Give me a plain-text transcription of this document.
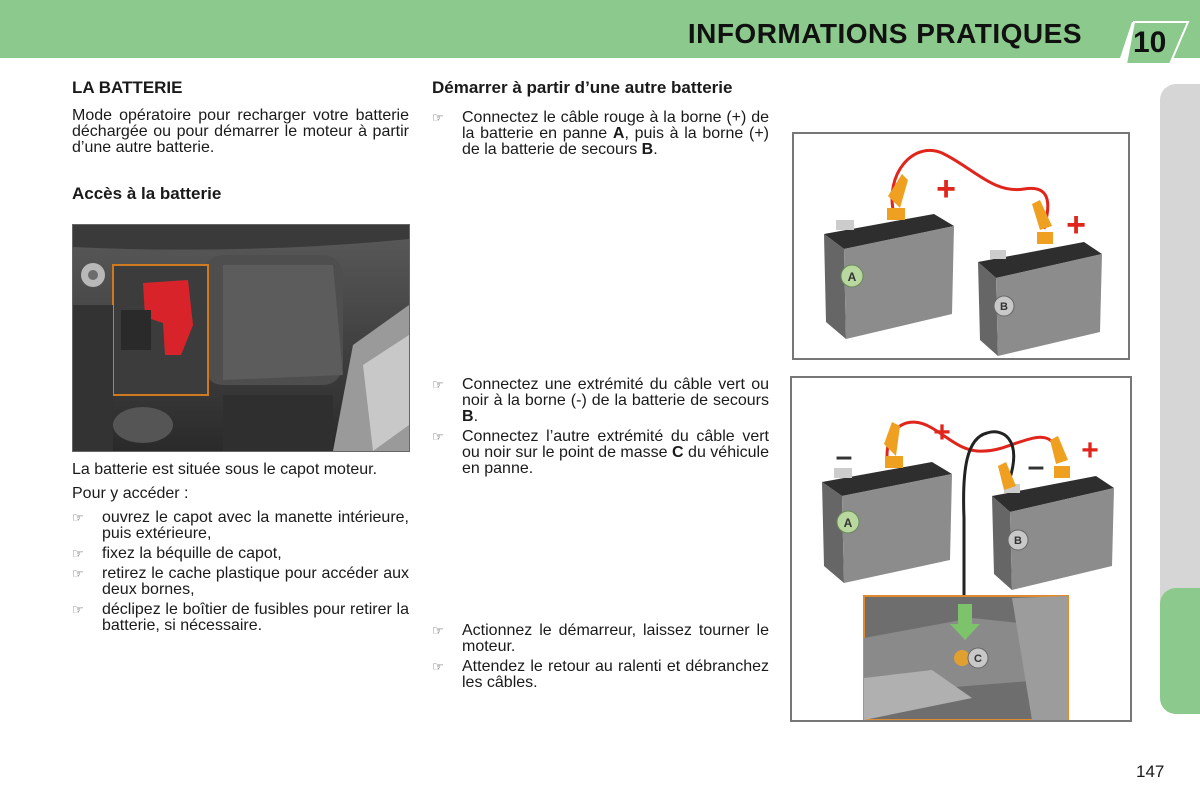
INFORMATIONS PRATIQUES 10
LA BATTERIE

Mode opératoire pour recharger votre batterie déchargée ou pour démarrer le moteur à partir d’une autre batterie.

Accès à la batterie

La batterie est située sous le capot moteur.

Pour y accéder :

☞ ouvrez le capot avec la manette intérieure, puis extérieure,

☞ fixez la béquille de capot,

☞ retirez le cache plastique pour accéder aux deux bornes,

☞ déclipez le boîtier de fusibles pour retirer la batterie, si nécessaire.

Démarrer à partir d’une autre batterie

☞ Connectez le câble rouge à la borne (+) de la batterie en panne A, puis à la borne (+) de la batterie de secours B.

☞ Connectez une extrémité du câble vert ou noir à la borne (-) de la batterie de secours B.

☞ Connectez l’autre extrémité du câble vert ou noir sur le point de masse C du véhicule en panne.

☞ Actionnez le démarreur, laissez tourner le moteur.

☞ Attendez le retour au ralenti et débranchez les câbles.

A
B
+
+
A
B
+
+
–	–
C
147
